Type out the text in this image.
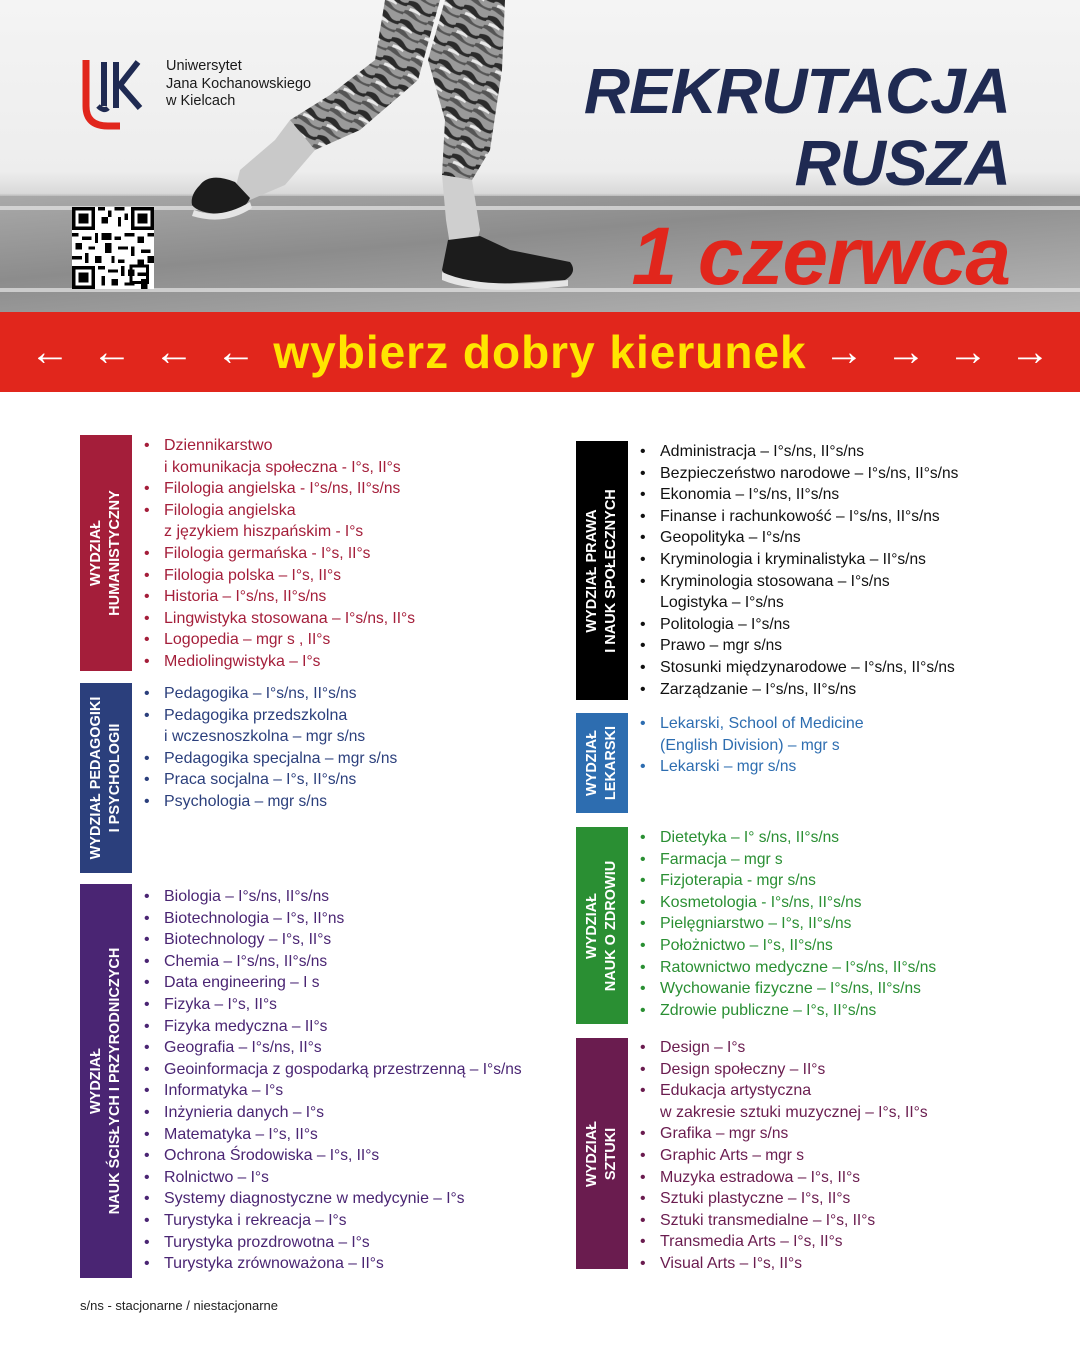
Uniwersytet
Jana Kochanowskiego
w Kielcach	REKRUTACJA
RUSZA
1 czerwca
←←←←
wybierz dobry kierunek →→→→
WYDZIAŁ HUMANISTYCZNY
• Dziennikarstwo
i komunikacja społeczna - I°s, II°s
• Filologia angielska - I°s/ns, II°s/ns
• Filologia angielska
z językiem hiszpańskim - I°s
• Filologia germańska - I°s, II°s
• Filologia polska – I°s, II°s
• Historia – I°s/ns, II°s/ns
• Lingwistyka stosowana – I°s/ns, II°s
• Logopedia – mgr s , II°s
• Mediolingwistyka – I°s
WYDZIAŁ PEDAGOGIKI I PSYCHOLOGII
• Pedagogika – I°s/ns, II°s/ns
• Pedagogika przedszkolna
i wczesnoszkolna – mgr s/ns
• Pedagogika specjalna – mgr s/ns
• Praca socjalna – I°s, II°s/ns
• Psychologia – mgr s/ns
WYDZIAŁ NAUK ŚCISŁYCH I PRZYRODNICZYCH
• Biologia – I°s/ns, II°s/ns
• Biotechnologia – I°s, II°ns
• Biotechnology – I°s, II°s
• Chemia – I°s/ns, II°s/ns
• Data engineering – I s
• Fizyka – I°s, II°s
• Fizyka medyczna – II°s
• Geografia – I°s/ns, II°s
• Geoinformacja z gospodarką przestrzenną – I°s/ns
• Informatyka – I°s
• Inżynieria danych – I°s
• Matematyka – I°s, II°s
• Ochrona Środowiska – I°s, II°s
• Rolnictwo – I°s
• Systemy diagnostyczne w medycynie – I°s
• Turystyka i rekreacja – I°s
• Turystyka prozdrowotna – I°s
• Turystyka zrównoważona – II°s
WYDZIAŁ PRAWA I NAUK SPOŁECZNYCH
• Administracja – I°s/ns, II°s/ns
• Bezpieczeństwo narodowe – I°s/ns, II°s/ns
• Ekonomia – I°s/ns, II°s/ns
• Finanse i rachunkowość – I°s/ns, II°s/ns
• Geopolityka – I°s/ns
• Kryminologia i kryminalistyka – II°s/ns
• Kryminologia stosowana – I°s/ns
Logistyka – I°s/ns
• Politologia – I°s/ns
• Prawo – mgr s/ns
• Stosunki międzynarodowe – I°s/ns, II°s/ns
• Zarządzanie – I°s/ns, II°s/ns
WYDZIAŁ LEKARSKI
• Lekarski, School of Medicine
(English Division) – mgr s
• Lekarski – mgr s/ns
WYDZIAŁ NAUK O ZDROWIU
• Dietetyka – I° s/ns, II°s/ns
• Farmacja – mgr s
• Fizjoterapia - mgr s/ns
• Kosmetologia - I°s/ns, II°s/ns
• Pielęgniarstwo – I°s, II°s/ns
• Położnictwo – I°s, II°s/ns
• Ratownictwo medyczne – I°s/ns, II°s/ns
• Wychowanie fizyczne – I°s/ns, II°s/ns
• Zdrowie publiczne – I°s, II°s/ns
WYDZIAŁ SZTUKI
• Design – I°s
• Design społeczny – II°s
• Edukacja artystyczna
w zakresie sztuki muzycznej – I°s, II°s
• Grafika – mgr s/ns
• Graphic Arts – mgr s
• Muzyka estradowa – I°s, II°s
• Sztuki plastyczne – I°s, II°s
• Sztuki transmedialne – I°s, II°s
• Transmedia Arts – I°s, II°s
• Visual Arts – I°s, II°s
s/ns - stacjonarne / niestacjonarne
